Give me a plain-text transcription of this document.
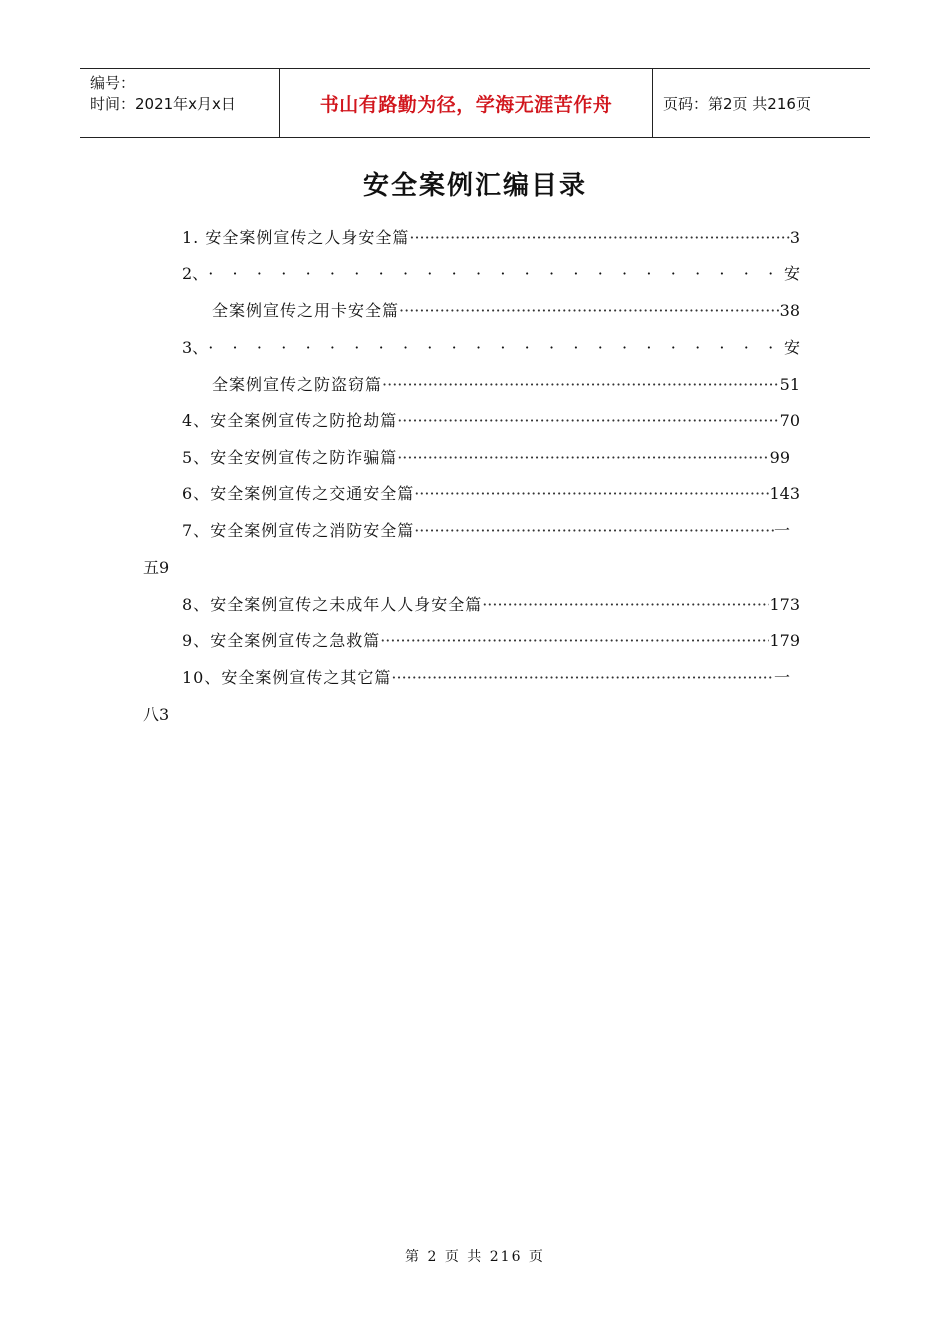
编号：
时间：2021年x月x日	书山有路勤为径，学海无涯苦作舟	页码：第2页 共216页
安全案例汇编目录
1. 安全案例宣传之人身安全篇 ·····	3
2、 · ·	安
全案例宣传之用卡安全篇 ·····	38
3、 · ·	安
全案例宣传之防盗窃篇 ·····	51
4、安全案例宣传之防抢劫篇 ·····	70
5、安全安例宣传之防诈骗篇 ·····	99
6、安全案例宣传之交通安全篇 ·····	143
7、安全案例宣传之消防安全篇 ·····	一
五9
8、安全案例宣传之未成年人人身安全篇 ·····	173
9、安全案例宣传之急救篇 ·····	179
10、安全案例宣传之其它篇 ·····	一
八3
第 2 页 共 216 页
